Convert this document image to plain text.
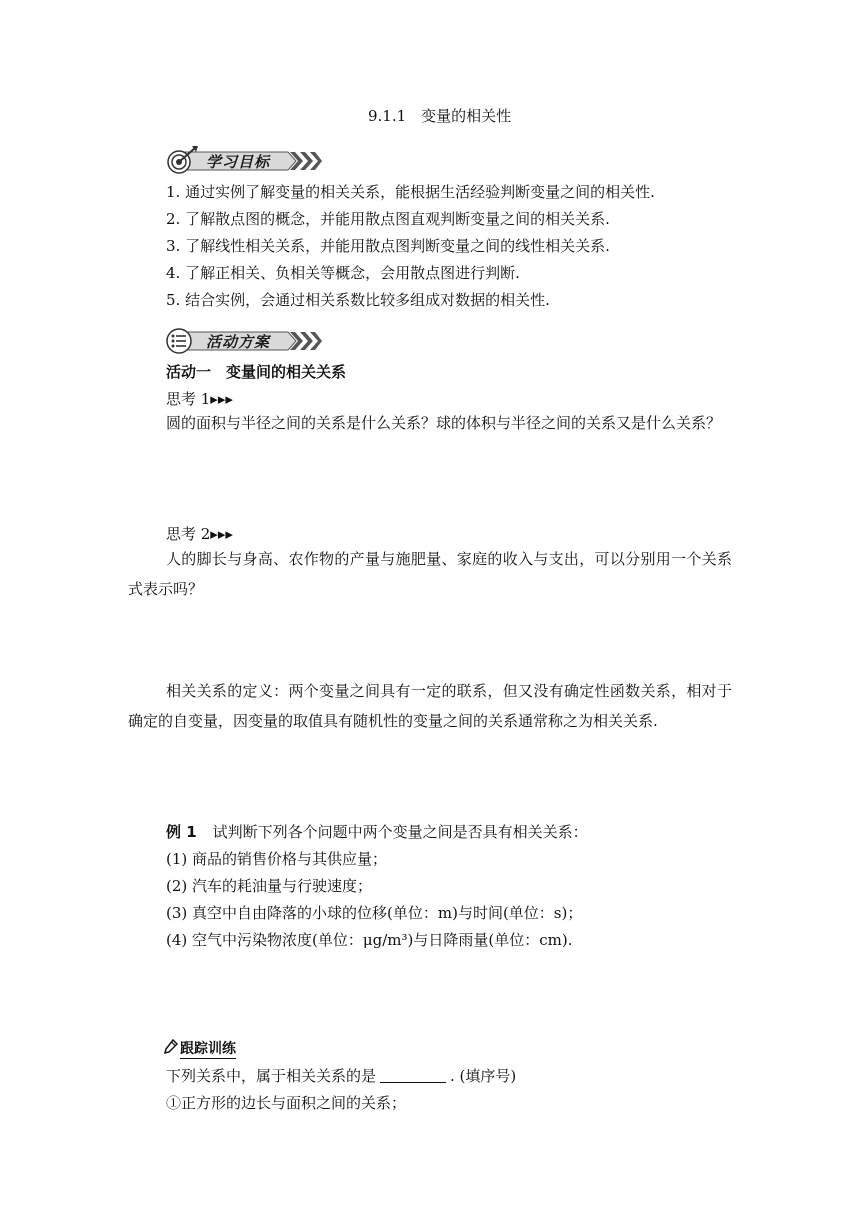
9.1.1　变量的相关性
学习目标
1. 通过实例了解变量的相关关系，能根据生活经验判断变量之间的相关性.
2. 了解散点图的概念，并能用散点图直观判断变量之间的相关关系.
3. 了解线性相关关系，并能用散点图判断变量之间的线性相关关系.
4. 了解正相关、负相关等概念，会用散点图进行判断.
5. 结合实例，会通过相关系数比较多组成对数据的相关性.
活动方案
活动一　变量间的相关关系
思考 1▸▸▸
圆的面积与半径之间的关系是什么关系？球的体积与半径之间的关系又是什么关系？
思考 2▸▸▸
人的脚长与身高、农作物的产量与施肥量、家庭的收入与支出，可以分别用一个关系式表示吗？
相关关系的定义：两个变量之间具有一定的联系，但又没有确定性函数关系，相对于确定的自变量，因变量的取值具有随机性的变量之间的关系通常称之为相关关系.
例 1 试判断下列各个问题中两个变量之间是否具有相关关系：
(1) 商品的销售价格与其供应量；
(2) 汽车的耗油量与行驶速度；
(3) 真空中自由降落的小球的位移(单位：m)与时间(单位：s)；
(4) 空气中污染物浓度(单位：μg/m³)与日降雨量(单位：cm).
跟踪训练
下列关系中，属于相关关系的是	. (填序号)
①正方形的边长与面积之间的关系；
